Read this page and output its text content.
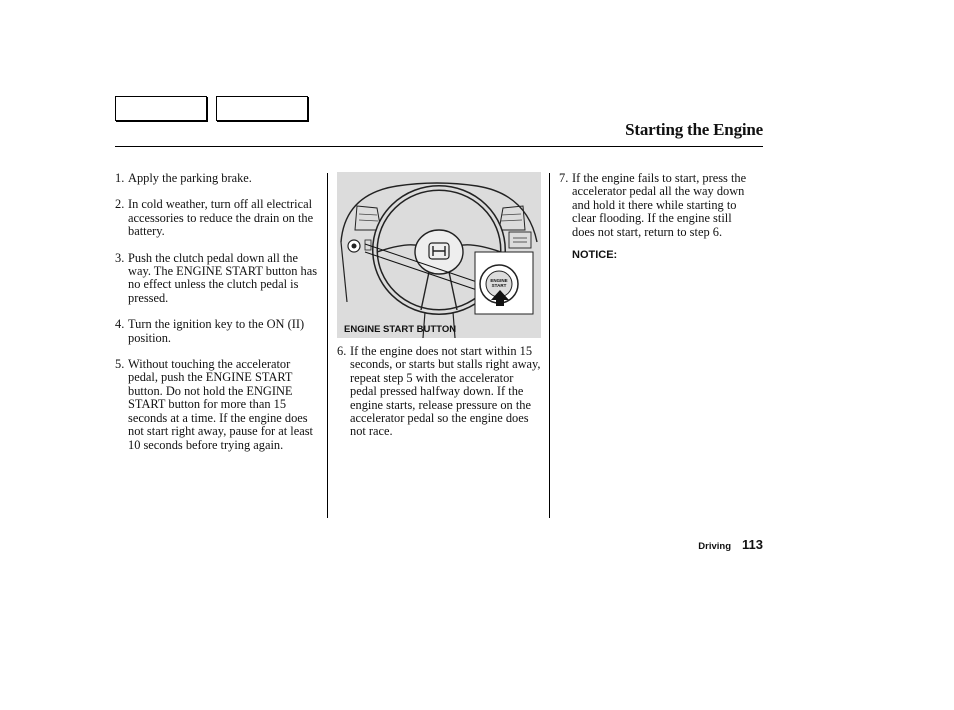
Starting the Engine
1. Apply the parking brake.
2. In cold weather, turn off all electrical accessories to reduce the drain on the battery.
3. Push the clutch pedal down all the way. The ENGINE START button has no effect unless the clutch pedal is pressed.
4. Turn the ignition key to the ON (II) position.
5. Without touching the accelerator pedal, push the ENGINE START button. Do not hold the ENGINE START button for more than 15 seconds at a time. If the engine does not start right away, pause for at least 10 seconds before trying again.
ENGINE
START
ENGINE START BUTTON
6. If the engine does not start within 15 seconds, or starts but stalls right away, repeat step 5 with the accelerator pedal pressed halfway down. If the engine starts, release pressure on the accelerator pedal so the engine does not race.
7. If the engine fails to start, press the accelerator pedal all the way down and hold it there while starting to clear flooding. If the engine still does not start, return to step 6.
NOTICE:
Driving 113
